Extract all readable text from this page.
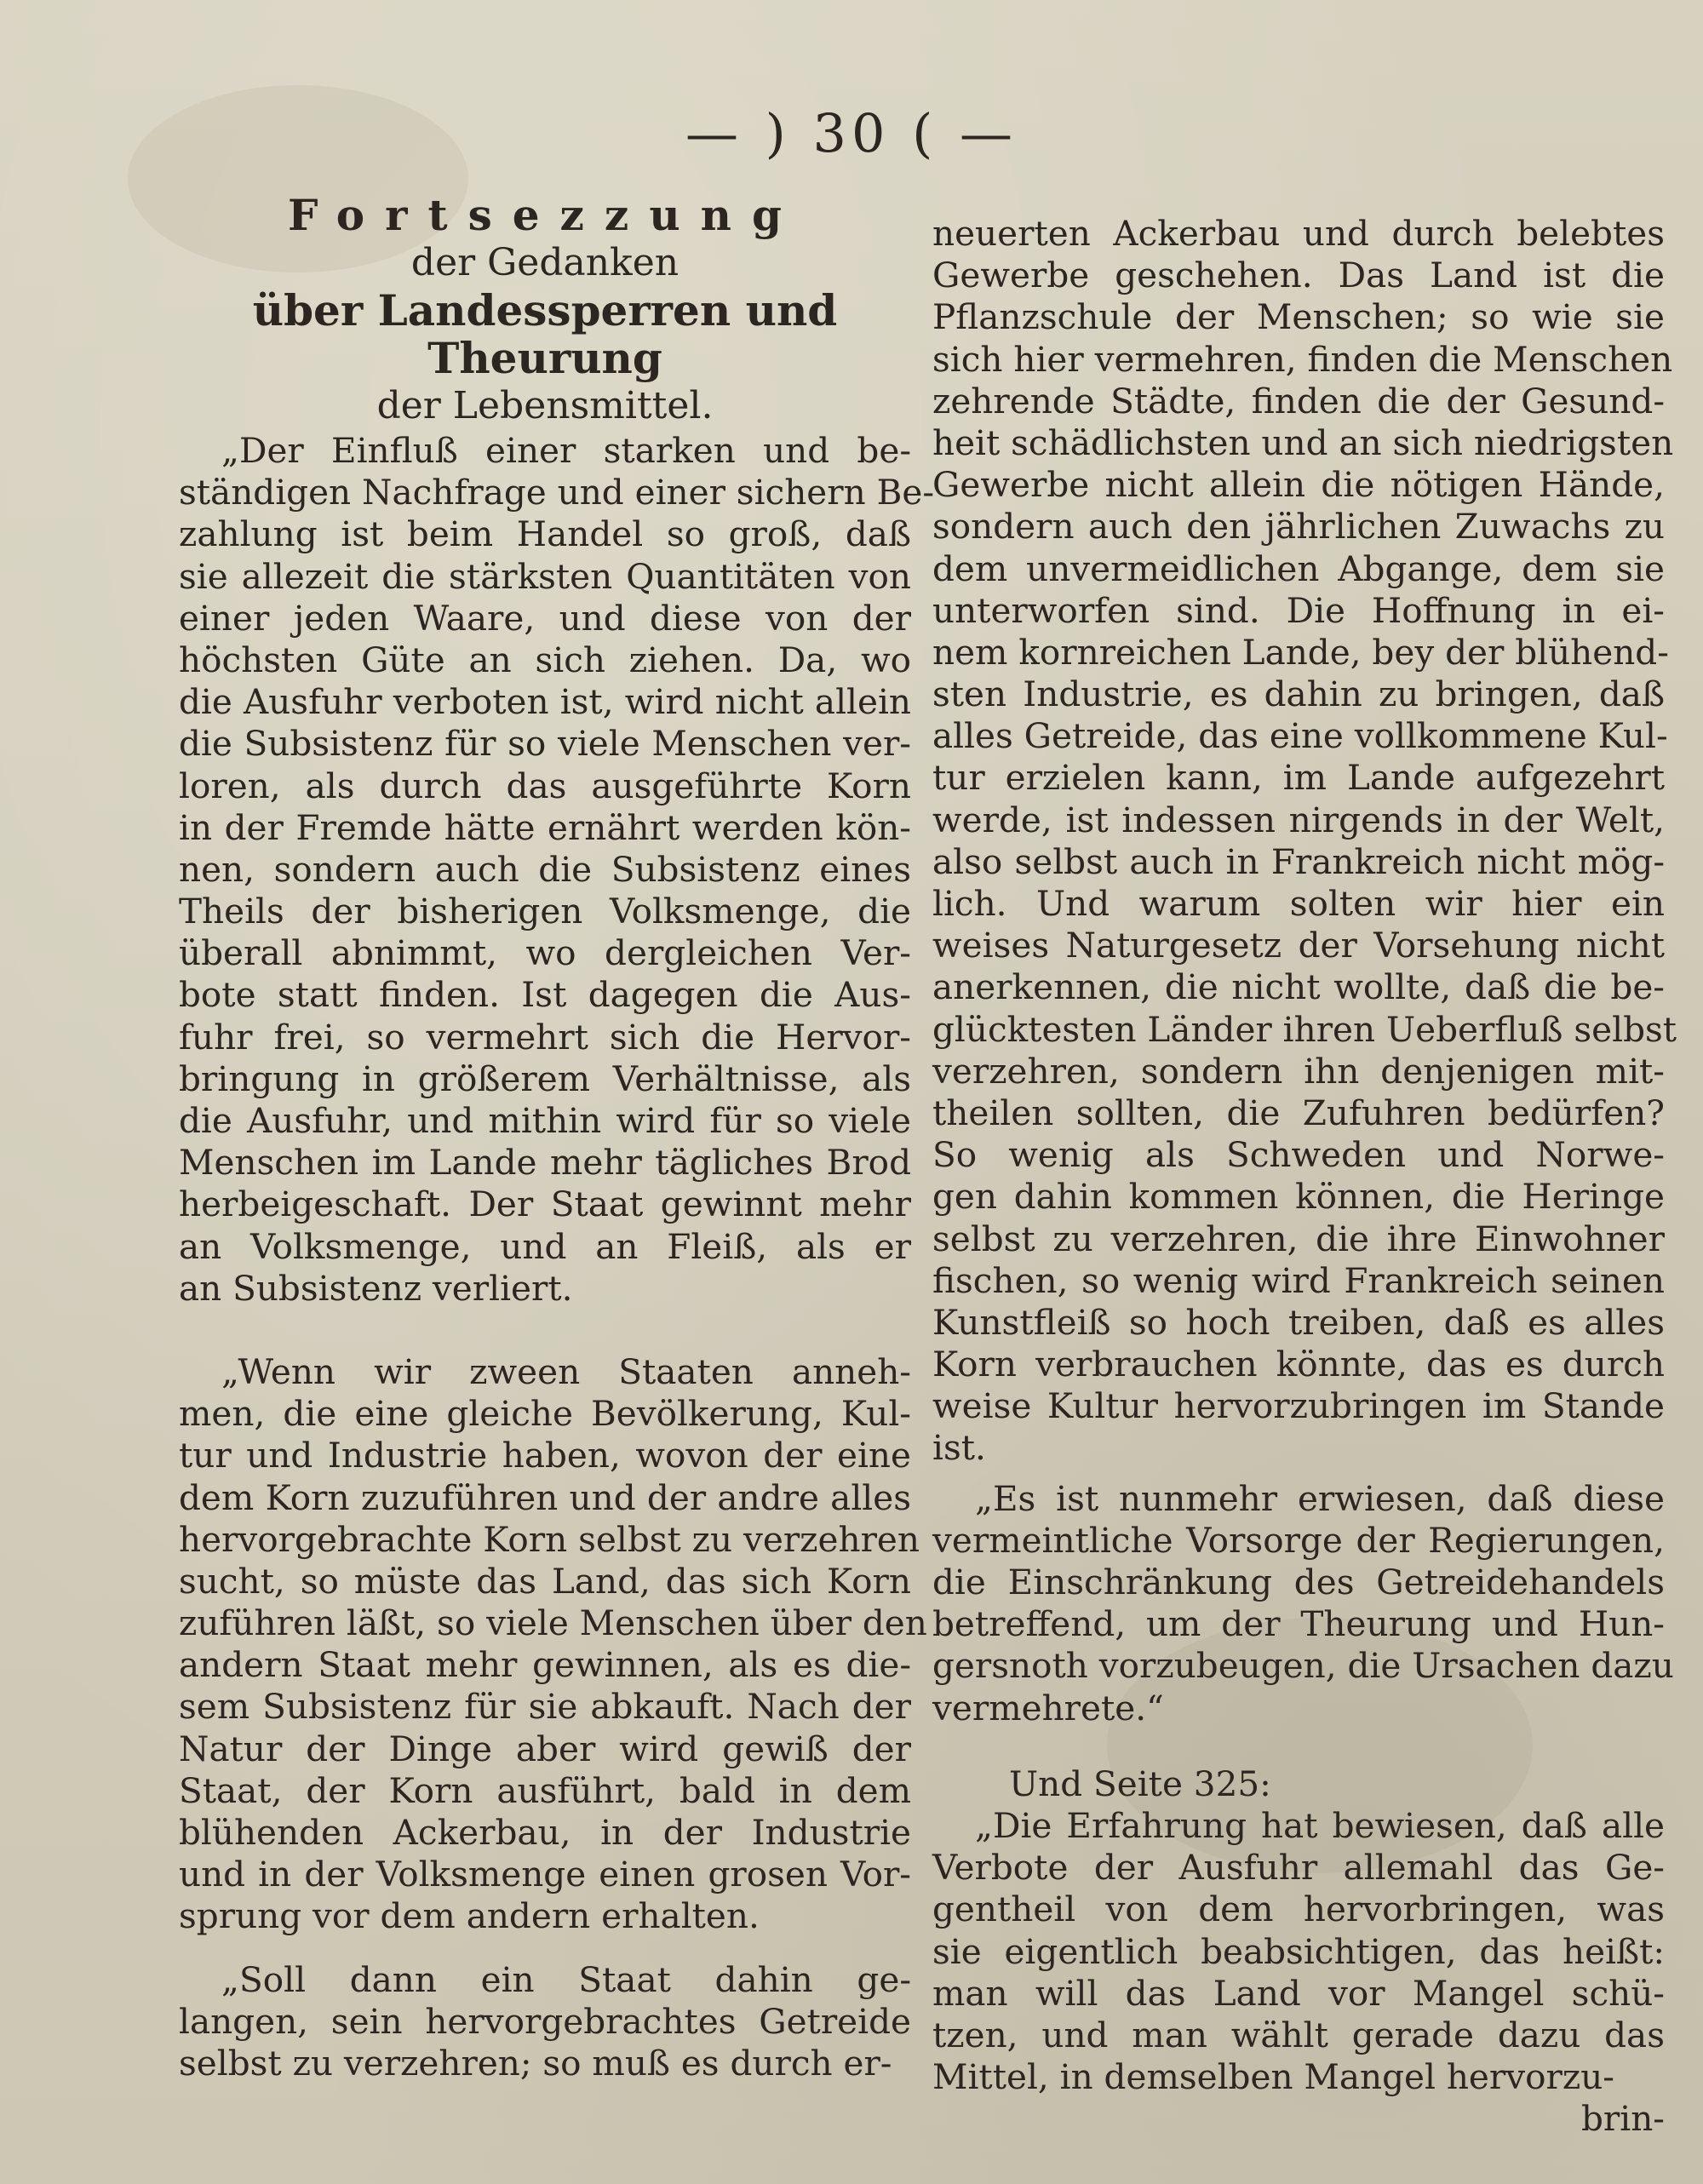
— ) 30 ( —
Fortsezzung
der Gedanken
über Landessperren und Theurung
der Lebensmittel.
„Der Einfluß einer starken und be-
ständigen Nachfrage und einer sichern Be-
zahlung ist beim Handel so groß, daß
sie allezeit die stärksten Quantitäten von
einer jeden Waare, und diese von der
höchsten Güte an sich ziehen. Da, wo
die Ausfuhr verboten ist, wird nicht allein
die Subsistenz für so viele Menschen ver-
loren, als durch das ausgeführte Korn
in der Fremde hätte ernährt werden kön-
nen, sondern auch die Subsistenz eines
Theils der bisherigen Volksmenge, die
überall abnimmt, wo dergleichen Ver-
bote statt finden. Ist dagegen die Aus-
fuhr frei, so vermehrt sich die Hervor-
bringung in größerem Verhältnisse, als
die Ausfuhr, und mithin wird für so viele
Menschen im Lande mehr tägliches Brod
herbeigeschaft. Der Staat gewinnt mehr
an Volksmenge, und an Fleiß, als er
an Subsistenz verliert.
„Wenn wir zween Staaten anneh-
men, die eine gleiche Bevölkerung, Kul-
tur und Industrie haben, wovon der eine
dem Korn zuzuführen und der andre alles
hervorgebrachte Korn selbst zu verzehren
sucht, so müste das Land, das sich Korn
zuführen läßt, so viele Menschen über den
andern Staat mehr gewinnen, als es die-
sem Subsistenz für sie abkauft. Nach der
Natur der Dinge aber wird gewiß der
Staat, der Korn ausführt, bald in dem
blühenden Ackerbau, in der Industrie
und in der Volksmenge einen grosen Vor-
sprung vor dem andern erhalten.
„Soll dann ein Staat dahin ge-
langen, sein hervorgebrachtes Getreide
selbst zu verzehren; so muß es durch er-
neuerten Ackerbau und durch belebtes
Gewerbe geschehen. Das Land ist die
Pflanzschule der Menschen; so wie sie
sich hier vermehren, finden die Menschen
zehrende Städte, finden die der Gesund-
heit schädlichsten und an sich niedrigsten
Gewerbe nicht allein die nötigen Hände,
sondern auch den jährlichen Zuwachs zu
dem unvermeidlichen Abgange, dem sie
unterworfen sind. Die Hoffnung in ei-
nem kornreichen Lande, bey der blühend-
sten Industrie, es dahin zu bringen, daß
alles Getreide, das eine vollkommene Kul-
tur erzielen kann, im Lande aufgezehrt
werde, ist indessen nirgends in der Welt,
also selbst auch in Frankreich nicht mög-
lich. Und warum solten wir hier ein
weises Naturgesetz der Vorsehung nicht
anerkennen, die nicht wollte, daß die be-
glücktesten Länder ihren Ueberfluß selbst
verzehren, sondern ihn denjenigen mit-
theilen sollten, die Zufuhren bedürfen?
So wenig als Schweden und Norwe-
gen dahin kommen können, die Heringe
selbst zu verzehren, die ihre Einwohner
fischen, so wenig wird Frankreich seinen
Kunstfleiß so hoch treiben, daß es alles
Korn verbrauchen könnte, das es durch
weise Kultur hervorzubringen im Stande
ist.
„Es ist nunmehr erwiesen, daß diese
vermeintliche Vorsorge der Regierungen,
die Einschränkung des Getreidehandels
betreffend, um der Theurung und Hun-
gersnoth vorzubeugen, die Ursachen dazu
vermehrete.“
Und Seite 325:
„Die Erfahrung hat bewiesen, daß alle
Verbote der Ausfuhr allemahl das Ge-
gentheil von dem hervorbringen, was
sie eigentlich beabsichtigen, das heißt:
man will das Land vor Mangel schü-
tzen, und man wählt gerade dazu das
Mittel, in demselben Mangel hervorzu-
brin-
